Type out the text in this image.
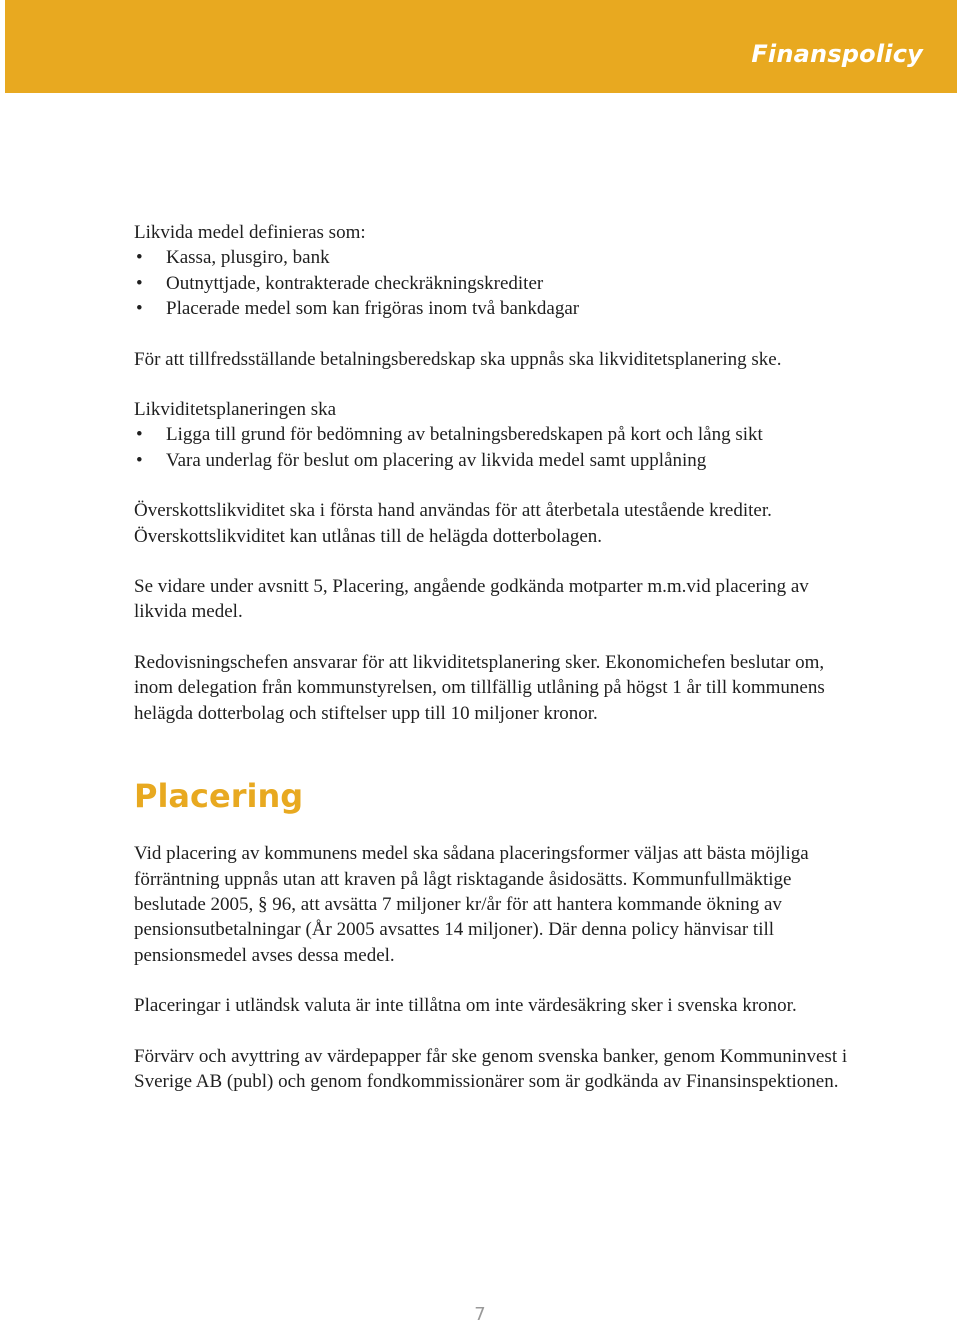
Finanspolicy

Likvida medel definieras som:

• Kassa, plusgiro, bank
• Outnyttjade, kontrakterade checkräkningskrediter
• Placerade medel som kan frigöras inom två bankdagar

För att tillfredsställande betalningsberedskap ska uppnås ska likviditetsplanering ske.

Likviditetsplaneringen ska

• Ligga till grund för bedömning av betalningsberedskapen på kort och lång sikt
• Vara underlag för beslut om placering av likvida medel samt upplåning

Överskottslikviditet ska i första hand användas för att återbetala utestående krediter. Överskottslikviditet kan utlånas till de helägda dotterbolagen.

Se vidare under avsnitt 5, Placering, angående godkända motparter m.m.vid placering av likvida medel.

Redovisningschefen ansvarar för att likviditetsplanering sker. Ekonomichefen beslutar om, inom delegation från kommunstyrelsen, om tillfällig utlåning på högst 1 år till kommunens helägda dotterbolag och stiftelser upp till 10 miljoner kronor.

Placering

Vid placering av kommunens medel ska sådana placeringsformer väljas att bästa möjliga förräntning uppnås utan att kraven på lågt risktagande åsidosätts. Kommunfullmäktige beslutade 2005, § 96, att avsätta 7 miljoner kr/år för att hantera kommande ökning av pensionsutbetalningar (År 2005 avsattes 14 miljoner). Där denna policy hänvisar till pensionsmedel avses dessa medel.

Placeringar i utländsk valuta är inte tillåtna om inte värdesäkring sker i svenska kronor.

Förvärv och avyttring av värdepapper får ske genom svenska banker, genom Kommuninvest i Sverige AB (publ) och genom fondkommissionärer som är godkända av Finansinspektionen.

7
